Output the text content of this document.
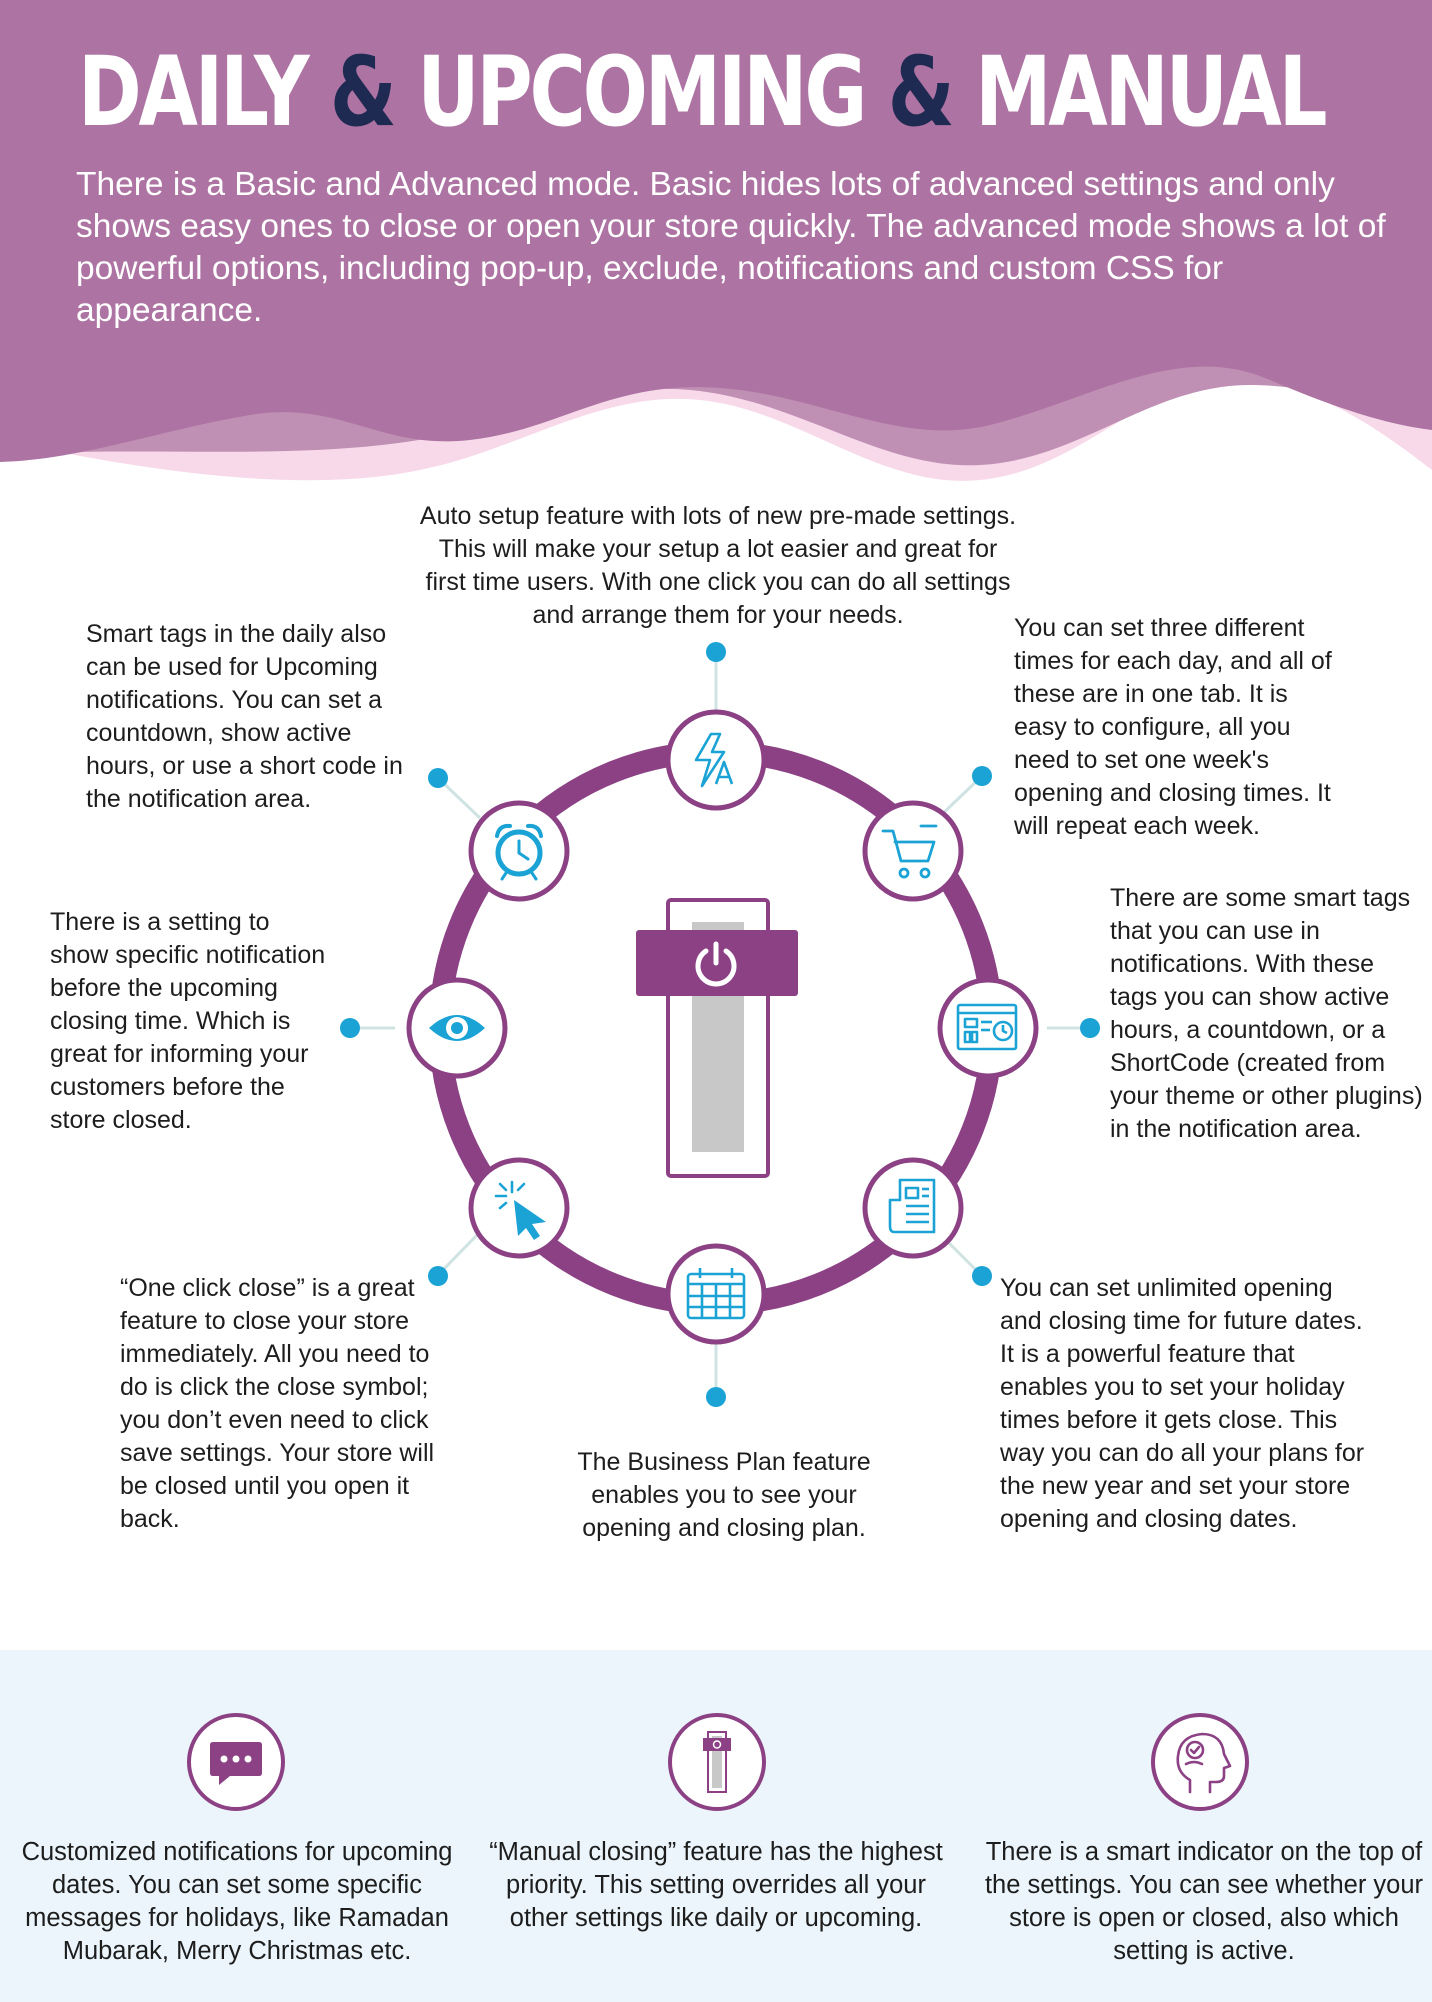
DAILY & UPCOMING & MANUAL

There is a Basic and Advanced mode. Basic hides lots of advanced settings and only shows easy ones to close or open your store quickly. The advanced mode shows a lot of powerful options, including pop-up, exclude, notifications and custom CSS for appearance.

Auto setup feature with lots of new pre-made settings. This will make your setup a lot easier and great for first time users. With one click you can do all settings and arrange them for your needs.	You can set three different times for each day, and all of these are in one tab. It is easy to configure, all you need to set one week's opening and closing times. It will repeat each week.

There are some smart tags that you can use in notifications. With these tags you can show active hours, a countdown, or a ShortCode (created from your theme or other plugins) in the notification area.

You can set unlimited opening and closing time for future dates. It is a powerful feature that enables you to set your holiday times before it gets close. This way you can do all your plans for the new year and set your store opening and closing dates.

The Business Plan feature enables you to see your opening and closing plan.

“One click close” is a great feature to close your store immediately. All you need to do is click the close symbol; you don’t even need to click save settings. Your store will be closed until you open it back.

There is a setting to show specific notification before the upcoming closing time. Which is great for informing your customers before the store closed.

Smart tags in the daily also can be used for Upcoming notifications. You can set a countdown, show active hours, or use a short code in the notification area.

Customized notifications for upcoming dates. You can set some specific messages for holidays, like Ramadan Mubarak, Merry Christmas etc.

“Manual closing” feature has the highest priority. This setting overrides all your other settings like daily or upcoming.

There is a smart indicator on the top of the settings. You can see whether your store is open or closed, also which setting is active.
